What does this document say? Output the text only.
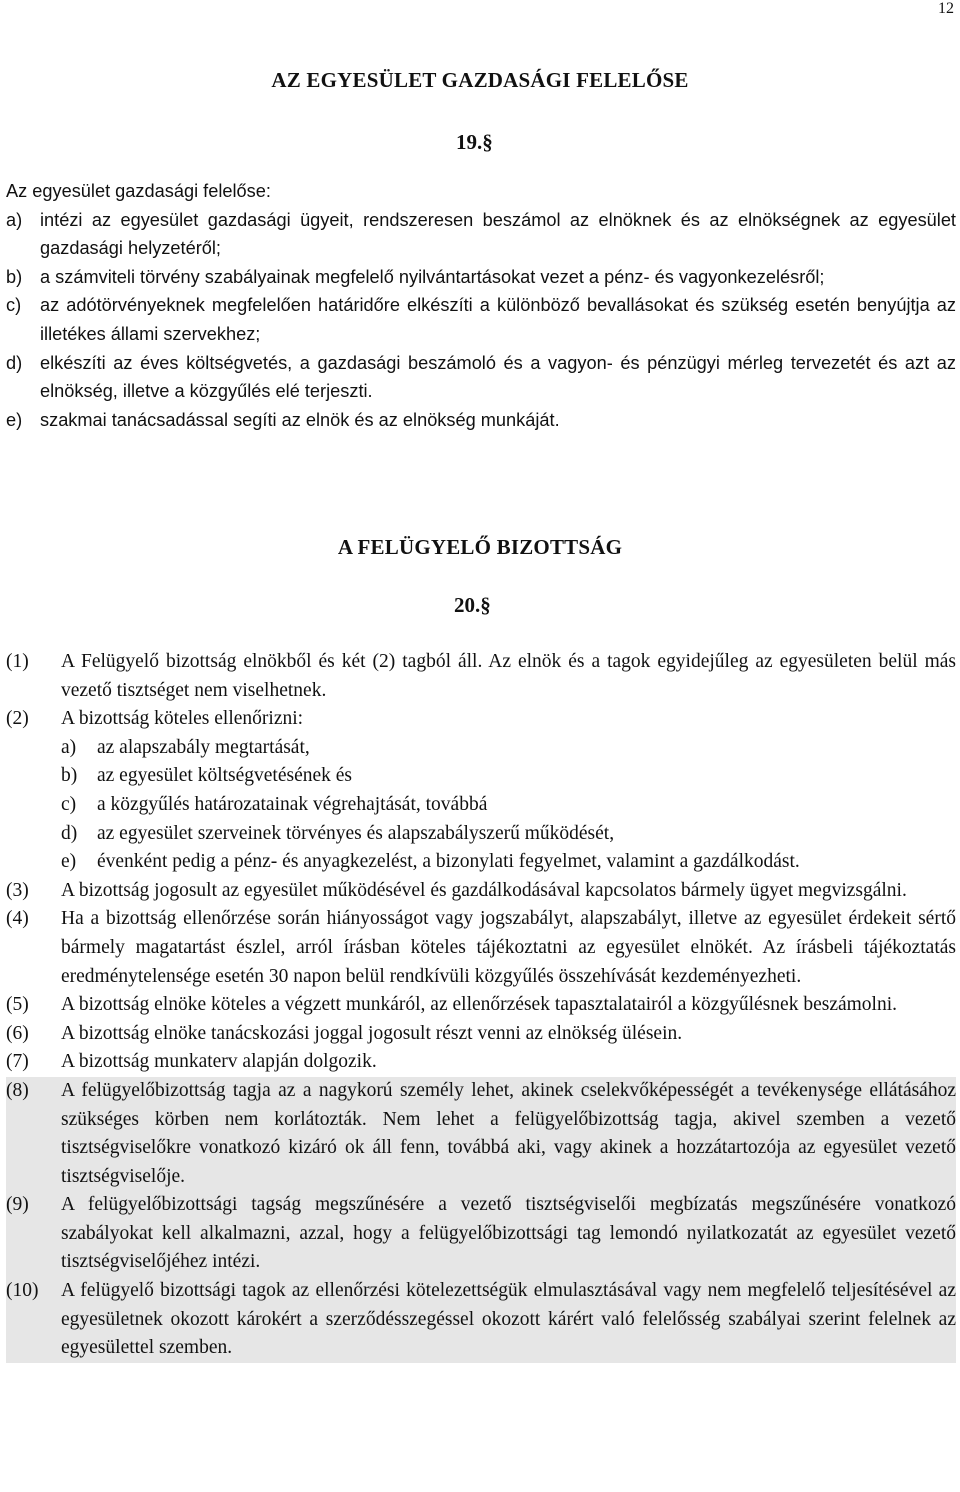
12
AZ EGYESÜLET GAZDASÁGI FELELŐSE
19.§
Az egyesület gazdasági felelőse:
a) intézi az egyesület gazdasági ügyeit, rendszeresen beszámol az elnöknek és az elnökségnek az egyesület gazdasági helyzetéről;
b) a számviteli törvény szabályainak megfelelő nyilvántartásokat vezet a pénz- és vagyonkezelésről;
c) az adótörvényeknek megfelelően határidőre elkészíti a különböző bevallásokat és szükség esetén benyújtja az illetékes állami szervekhez;
d) elkészíti az éves költségvetés, a gazdasági beszámoló és a vagyon- és pénzügyi mérleg tervezetét és azt az elnökség, illetve a közgyűlés elé terjeszti.
e) szakmai tanácsadással segíti az elnök és az elnökség munkáját.
A FELÜGYELŐ BIZOTTSÁG
20.§
(1) A Felügyelő bizottság elnökből és két (2) tagból áll. Az elnök és a tagok egyidejűleg az egyesületen belül más vezető tisztséget nem viselhetnek.
(2) A bizottság köteles ellenőrizni:
a) az alapszabály megtartását,
b) az egyesület költségvetésének és
c) a közgyűlés határozatainak végrehajtását, továbbá
d) az egyesület szerveinek törvényes és alapszabályszerű működését,
e) évenként pedig a pénz- és anyagkezelést, a bizonylati fegyelmet, valamint a gazdálkodást.
(3) A bizottság jogosult az egyesület működésével és gazdálkodásával kapcsolatos bármely ügyet megvizsgálni.
(4) Ha a bizottság ellenőrzése során hiányosságot vagy jogszabályt, alapszabályt, illetve az egyesület érdekeit sértő bármely magatartást észlel, arról írásban köteles tájékoztatni az egyesület elnökét. Az írásbeli tájékoztatás eredménytelensége esetén 30 napon belül rendkívüli közgyűlés összehívását kezdeményezheti.
(5) A bizottság elnöke köteles a végzett munkáról, az ellenőrzések tapasztalatairól a közgyűlésnek beszámolni.
(6) A bizottság elnöke tanácskozási joggal jogosult részt venni az elnökség ülésein.
(7) A bizottság munkaterv alapján dolgozik.
(8) A felügyelőbizottság tagja az a nagykorú személy lehet, akinek cselekvőképességét a tevékenysége ellátásához szükséges körben nem korlátozták. Nem lehet a felügyelőbizottság tagja, akivel szemben a vezető tisztségviselőkre vonatkozó kizáró ok áll fenn, továbbá aki, vagy akinek a hozzátartozója az egyesület vezető tisztségviselője.
(9) A felügyelőbizottsági tagság megszűnésére a vezető tisztségviselői megbízatás megszűnésére vonatkozó szabályokat kell alkalmazni, azzal, hogy a felügyelőbizottsági tag lemondó nyilatkozatát az egyesület vezető tisztségviselőjéhez intézi.
(10) A felügyelő bizottsági tagok az ellenőrzési kötelezettségük elmulasztásával vagy nem megfelelő teljesítésével az egyesületnek okozott károkért a szerződésszegéssel okozott kárért való felelősség szabályai szerint felelnek az egyesülettel szemben.
